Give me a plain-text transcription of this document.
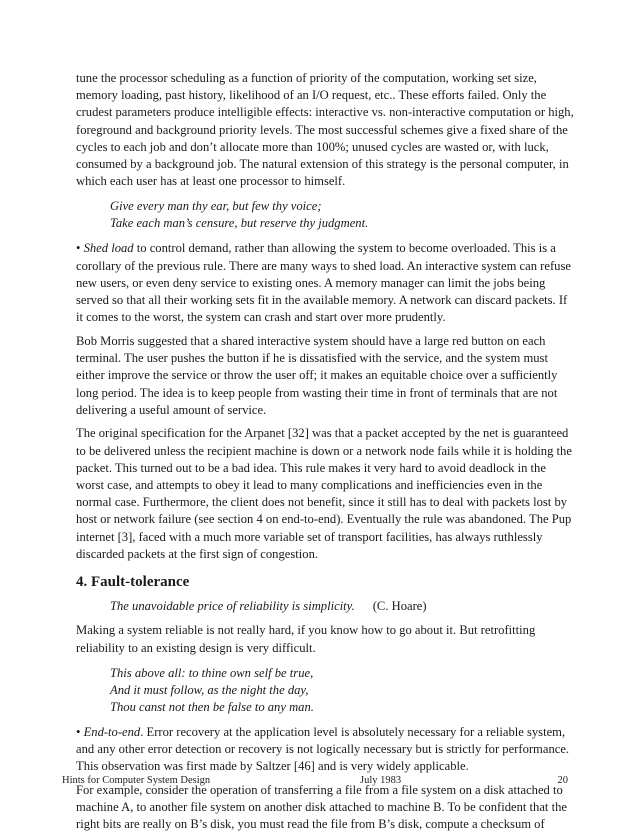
tune the processor scheduling as a function of priority of the computation, working set size, memory loading, past history, likelihood of an I/O request, etc.. These efforts failed. Only the crudest parameters produce intelligible effects: interactive vs. non-interactive computation or high, foreground and background priority levels. The most successful schemes give a fixed share of the cycles to each job and don’t allocate more than 100%; unused cycles are wasted or, with luck, consumed by a background job. The natural extension of this strategy is the personal computer, in which each user has at least one processor to himself.

Give every man thy ear, but few thy voice;
Take each man’s censure, but reserve thy judgment.

• Shed load to control demand, rather than allowing the system to become overloaded. This is a corollary of the previous rule. There are many ways to shed load. An interactive system can refuse new users, or even deny service to existing ones. A memory manager can limit the jobs being served so that all their working sets fit in the available memory. A network can discard packets. If it comes to the worst, the system can crash and start over more prudently.

Bob Morris suggested that a shared interactive system should have a large red button on each terminal. The user pushes the button if he is dissatisfied with the service, and the system must either improve the service or throw the user off; it makes an equitable choice over a sufficiently long period. The idea is to keep people from wasting their time in front of terminals that are not delivering a useful amount of service.

The original specification for the Arpanet [32] was that a packet accepted by the net is guaranteed to be delivered unless the recipient machine is down or a network node fails while it is holding the packet. This turned out to be a bad idea. This rule makes it very hard to avoid deadlock in the worst case, and attempts to obey it lead to many complications and inefficiencies even in the normal case. Furthermore, the client does not benefit, since it still has to deal with packets lost by host or network failure (see section 4 on end-to-end). Eventually the rule was abandoned. The Pup internet [3], faced with a much more variable set of transport facilities, has always ruthlessly discarded packets at the first sign of congestion.

4. Fault-tolerance
The unavoidable price of reliability is simplicity. (C. Hoare)

Making a system reliable is not really hard, if you know how to go about it. But retrofitting reliability to an existing design is very difficult.

This above all: to thine own self be true,
And it must follow, as the night the day,
Thou canst not then be false to any man.

• End-to-end. Error recovery at the application level is absolutely necessary for a reliable system, and any other error detection or recovery is not logically necessary but is strictly for performance. This observation was first made by Saltzer [46] and is very widely applicable.

For example, consider the operation of transferring a file from a file system on a disk attached to machine A, to another file system on another disk attached to machine B. To be confident that the right bits are really on B’s disk, you must read the file from B’s disk, compute a checksum of

Hints for Computer System Design	July 1983	20
